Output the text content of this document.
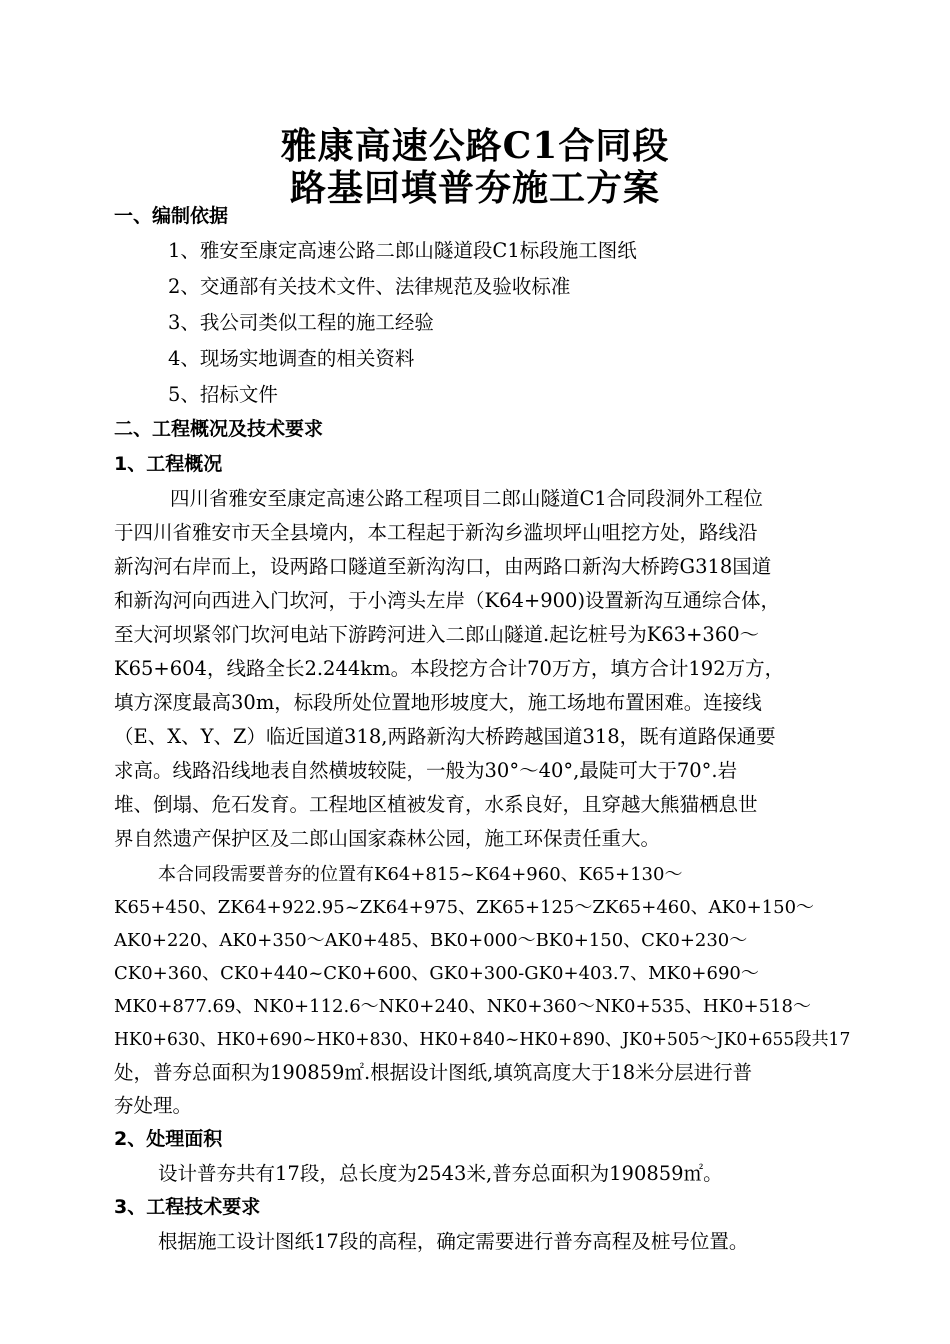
雅康高速公路C1合同段
路基回填普夯施工方案
一、编制依据
1、雅安至康定高速公路二郎山隧道段C1标段施工图纸
2、交通部有关技术文件、法律规范及验收标准
3、我公司类似工程的施工经验
4、现场实地调查的相关资料
5、招标文件
二、工程概况及技术要求
1、工程概况
四川省雅安至康定高速公路工程项目二郎山隧道C1合同段洞外工程位
于四川省雅安市天全县境内，本工程起于新沟乡滥坝坪山咀挖方处，路线沿
新沟河右岸而上，设两路口隧道至新沟沟口，由两路口新沟大桥跨G318国道
和新沟河向西进入门坎河，于小湾头左岸（K64+900)设置新沟互通综合体，
至大河坝紧邻门坎河电站下游跨河进入二郎山隧道.起讫桩号为K63+360～
K65+604，线路全长2.244km。本段挖方合计70万方，填方合计192万方，
填方深度最高30m，标段所处位置地形坡度大，施工场地布置困难。连接线
（E、X、Y、Z）临近国道318,两路新沟大桥跨越国道318，既有道路保通要
求高。线路沿线地表自然横坡较陡，一般为30°～40°,最陡可大于70°.岩
堆、倒塌、危石发育。工程地区植被发育，水系良好，且穿越大熊猫栖息世
界自然遗产保护区及二郎山国家森林公园，施工环保责任重大。
本合同段需要普夯的位置有K64+815~K64+960、K65+130～
K65+450、ZK64+922.95~ZK64+975、ZK65+125～ZK65+460、AK0+150～
AK0+220、AK0+350～AK0+485、BK0+000～BK0+150、CK0+230～
CK0+360、CK0+440~CK0+600、GK0+300-GK0+403.7、MK0+690～
MK0+877.69、NK0+112.6～NK0+240、NK0+360～NK0+535、HK0+518～
HK0+630、HK0+690~HK0+830、HK0+840~HK0+890、JK0+505～JK0+655段共17
处，普夯总面积为190859㎡.根据设计图纸,填筑高度大于18米分层进行普
夯处理。
2、处理面积
设计普夯共有17段，总长度为2543米,普夯总面积为190859㎡。
3、工程技术要求
根据施工设计图纸17段的高程，确定需要进行普夯高程及桩号位置。
